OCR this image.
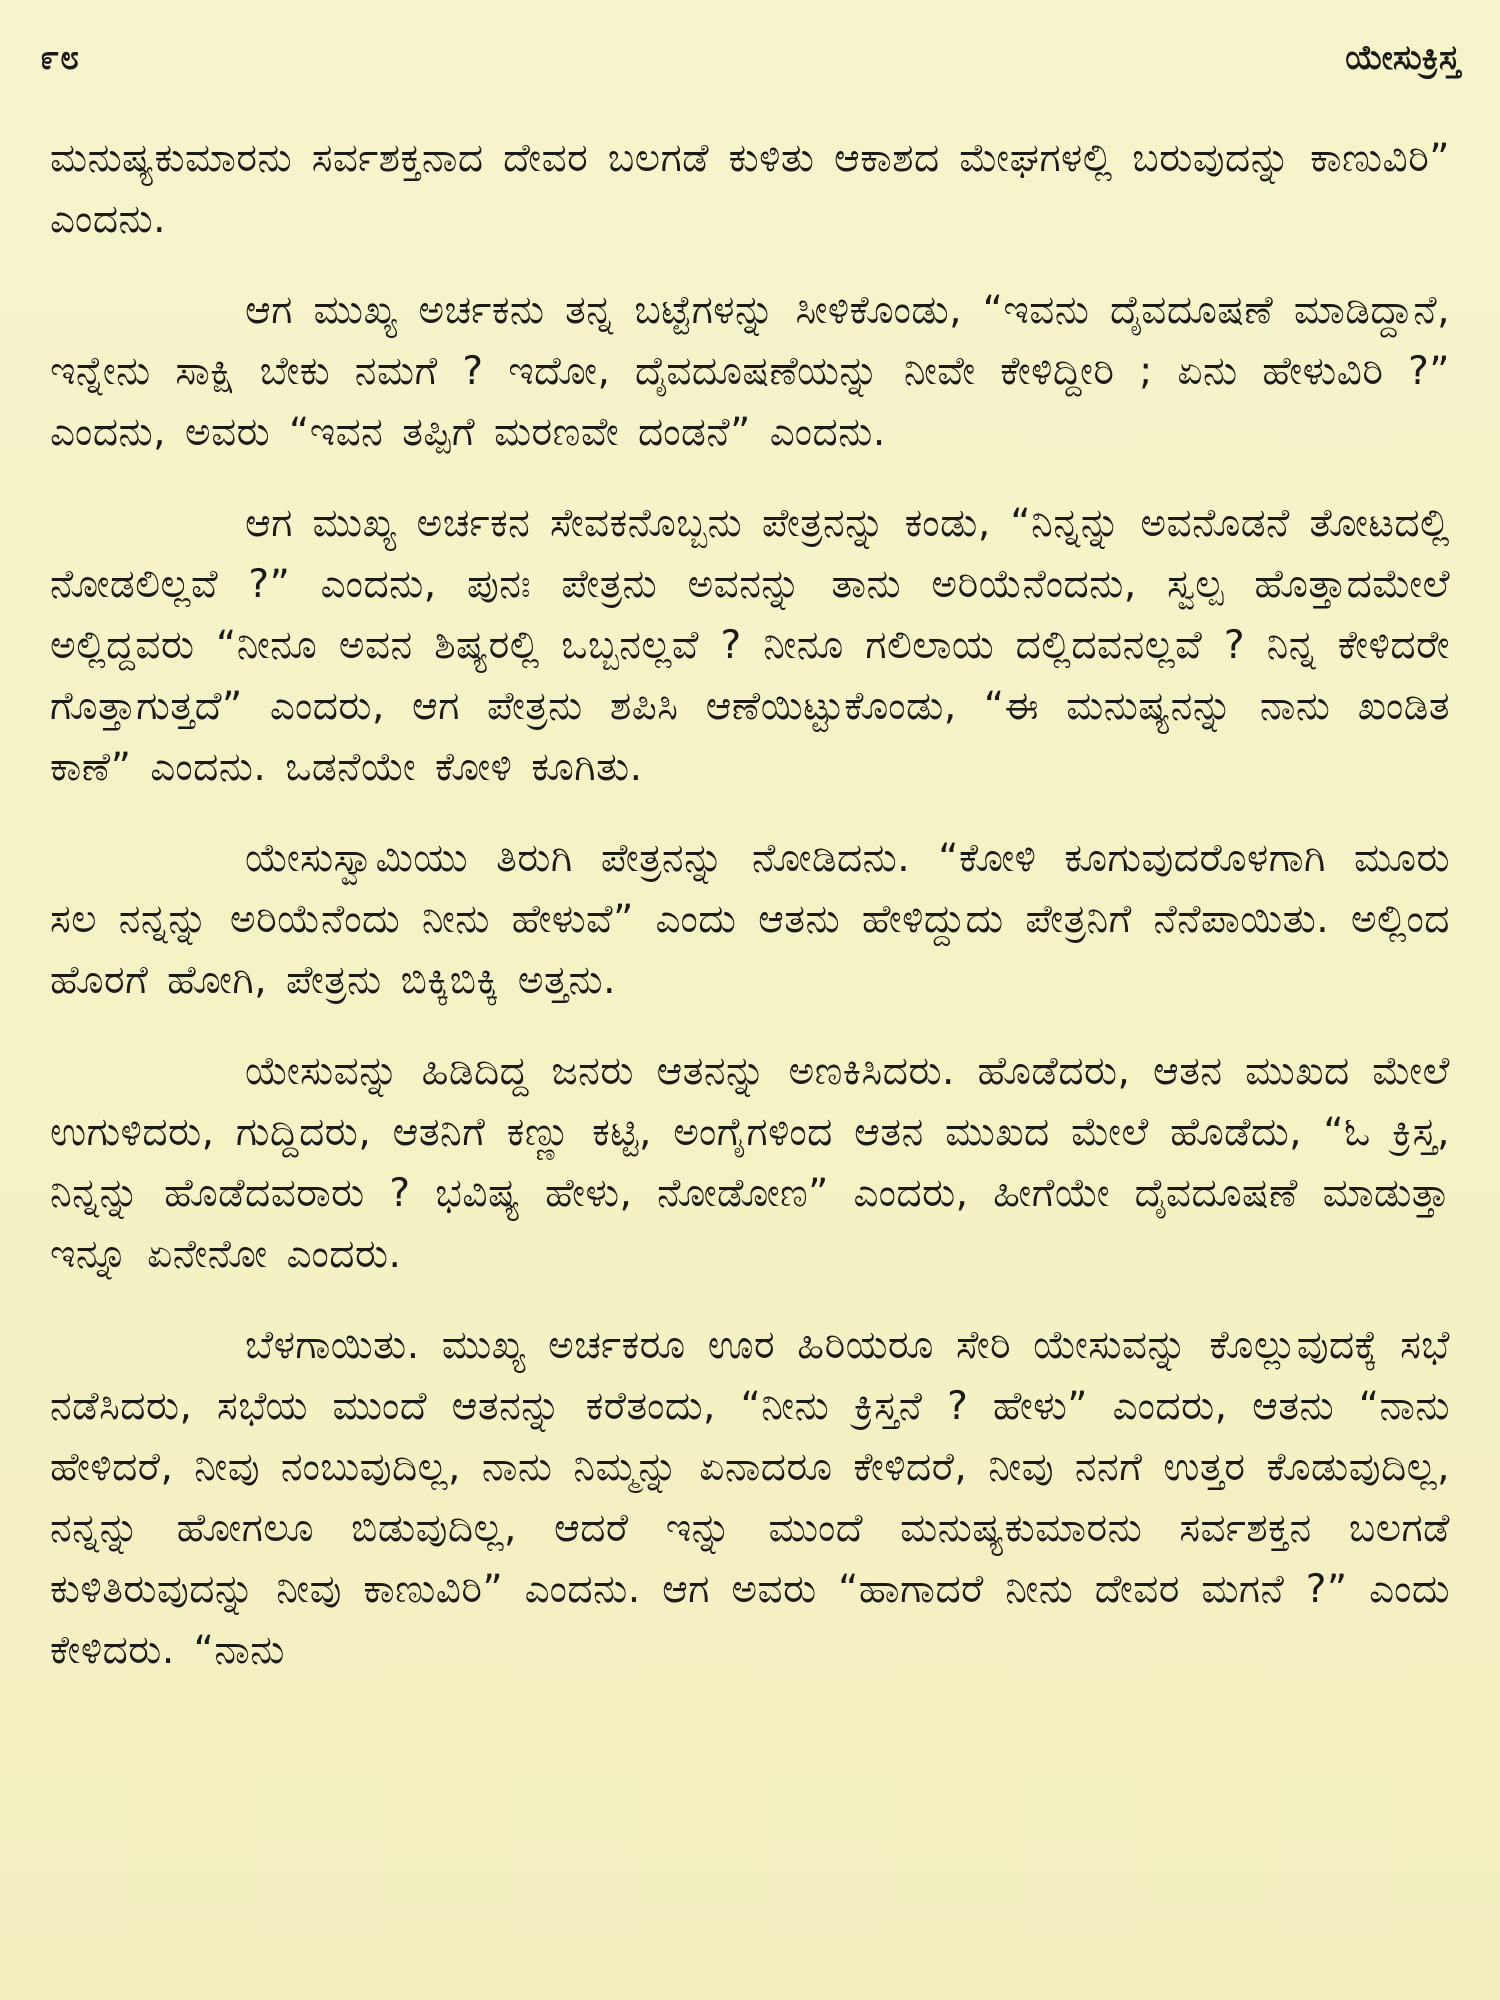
೯೮	ಯೇಸುಕ್ರಿಸ್ತ

ಮನುಷ್ಯಕುಮಾರನು ಸರ್ವಶಕ್ತನಾದ ದೇವರ ಬಲಗಡೆ ಕುಳಿತು ಆಕಾಶದ ಮೇಘಗಳಲ್ಲಿ ಬರುವುದನ್ನು ಕಾಣುವಿರಿ” ಎಂದನು.

ಆಗ ಮುಖ್ಯ ಅರ್ಚಕನು ತನ್ನ ಬಟ್ಟೆಗಳನ್ನು ಸೀಳಿಕೊಂಡು, “ಇವನು ದೈವದೂಷಣೆ ಮಾಡಿದ್ದಾನೆ, ಇನ್ನೇನು ಸಾಕ್ಷಿ ಬೇಕು ನಮಗೆ ? ಇದೋ, ದೈವದೂಷಣೆಯನ್ನು ನೀವೇ ಕೇಳಿದ್ದೀರಿ ; ಏನು ಹೇಳುವಿರಿ ?” ಎಂದನು, ಅವರು “ಇವನ ತಪ್ಪಿಗೆ ಮರಣವೇ ದಂಡನೆ” ಎಂದನು.

ಆಗ ಮುಖ್ಯ ಅರ್ಚಕನ ಸೇವಕನೊಬ್ಬನು ಪೇತ್ರನನ್ನು ಕಂಡು, “ನಿನ್ನನ್ನು ಅವನೊಡನೆ ತೋಟದಲ್ಲಿ ನೋಡಲಿಲ್ಲವೆ ?” ಎಂದನು, ಪುನಃ ಪೇತ್ರನು ಅವನನ್ನು ತಾನು ಅರಿಯೆನೆಂದನು, ಸ್ವಲ್ಪ ಹೊತ್ತಾದಮೇಲೆ ಅಲ್ಲಿದ್ದವರು “ನೀನೂ ಅವನ ಶಿಷ್ಯರಲ್ಲಿ ಒಬ್ಬನಲ್ಲವೆ ? ನೀನೂ ಗಲಿಲಾಯ ದಲ್ಲಿದವನಲ್ಲವೆ ? ನಿನ್ನ ಕೇಳಿದರೇ ಗೊತ್ತಾಗುತ್ತದೆ” ಎಂದರು, ಆಗ ಪೇತ್ರನು ಶಪಿಸಿ ಆಣೆಯಿಟ್ಟುಕೊಂಡು, “ಈ ಮನುಷ್ಯನನ್ನು ನಾನು ಖಂಡಿತ ಕಾಣೆ” ಎಂದನು. ಒಡನೆಯೇ ಕೋಳಿ ಕೂಗಿತು.

ಯೇಸುಸ್ವಾಮಿಯು ತಿರುಗಿ ಪೇತ್ರನನ್ನು ನೋಡಿದನು. “ಕೋಳಿ ಕೂಗುವುದರೊಳಗಾಗಿ ಮೂರು ಸಲ ನನ್ನನ್ನು ಅರಿಯೆನೆಂದು ನೀನು ಹೇಳುವೆ” ಎಂದು ಆತನು ಹೇಳಿದ್ದುದು ಪೇತ್ರನಿಗೆ ನೆನೆಪಾಯಿತು. ಅಲ್ಲಿಂದ ಹೊರಗೆ ಹೋಗಿ, ಪೇತ್ರನು ಬಿಕ್ಕಿಬಿಕ್ಕಿ ಅತ್ತನು.

ಯೇಸುವನ್ನು ಹಿಡಿದಿದ್ದ ಜನರು ಆತನನ್ನು ಅಣಕಿಸಿದರು. ಹೊಡೆದರು, ಆತನ ಮುಖದ ಮೇಲೆ ಉಗುಳಿದರು, ಗುದ್ದಿದರು, ಆತನಿಗೆ ಕಣ್ಣು ಕಟ್ಟಿ, ಅಂಗೈಗಳಿಂದ ಆತನ ಮುಖದ ಮೇಲೆ ಹೊಡೆದು, “ಓ ಕ್ರಿಸ್ತ, ನಿನ್ನನ್ನು ಹೊಡೆದವರಾರು ? ಭವಿಷ್ಯ ಹೇಳು, ನೋಡೋಣ” ಎಂದರು, ಹೀಗೆಯೇ ದೈವದೂಷಣೆ ಮಾಡುತ್ತಾ ಇನ್ನೂ ಏನೇನೋ ಎಂದರು.

ಬೆಳಗಾಯಿತು. ಮುಖ್ಯ ಅರ್ಚಕರೂ ಊರ ಹಿರಿಯರೂ ಸೇರಿ ಯೇಸುವನ್ನು ಕೊಲ್ಲುವುದಕ್ಕೆ ಸಭೆ ನಡೆಸಿದರು, ಸಭೆಯ ಮುಂದೆ ಆತನನ್ನು ಕರೆತಂದು, “ನೀನು ಕ್ರಿಸ್ತನೆ ? ಹೇಳು” ಎಂದರು, ಆತನು “ನಾನು ಹೇಳಿದರೆ, ನೀವು ನಂಬುವುದಿಲ್ಲ, ನಾನು ನಿಮ್ಮನ್ನು ಏನಾದರೂ ಕೇಳಿದರೆ, ನೀವು ನನಗೆ ಉತ್ತರ ಕೊಡುವುದಿಲ್ಲ, ನನ್ನನ್ನು ಹೋಗಲೂ ಬಿಡುವುದಿಲ್ಲ, ಆದರೆ ಇನ್ನು ಮುಂದೆ ಮನುಷ್ಯಕುಮಾರನು ಸರ್ವಶಕ್ತನ ಬಲಗಡೆ ಕುಳಿತಿರುವುದನ್ನು ನೀವು ಕಾಣುವಿರಿ” ಎಂದನು. ಆಗ ಅವರು “ಹಾಗಾದರೆ ನೀನು ದೇವರ ಮಗನೆ ?” ಎಂದು ಕೇಳಿದರು. “ನಾನು
